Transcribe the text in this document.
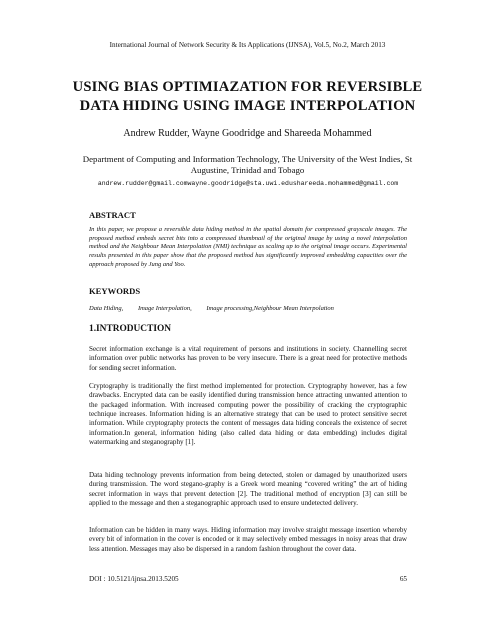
International Journal of Network Security & Its Applications (IJNSA), Vol.5, No.2, March 2013
USING BIAS OPTIMIAZATION FOR REVERSIBLE
DATA HIDING USING IMAGE INTERPOLATION
Andrew Rudder, Wayne Goodridge and Shareeda Mohammed
Department of Computing and Information Technology, The University of the West Indies, St Augustine, Trinidad and Tobago
andrew.rudder@gmail.comwayne.goodridge@sta.uwi.edushareeda.mohammed@gmail.com
ABSTRACT
In this paper, we propose a reversible data hiding method in the spatial domain for compressed grayscale images. The proposed method embeds secret bits into a compressed thumbnail of the original image by using a novel interpolation method and the Neighbour Mean Interpolation (NMI) technique as scaling up to the original image occurs. Experimental results presented in this paper show that the proposed method has significantly improved embedding capacities over the approach proposed by Jung and Yoo.
KEYWORDS
Data Hiding, Image Interpolation, Image processing,Neighbour Mean Interpolation
1.INTRODUCTION
Secret information exchange is a vital requirement of persons and institutions in society. Channelling secret information over public networks has proven to be very insecure. There is a great need for protective methods for sending secret information.
Cryptography is traditionally the first method implemented for protection. Cryptography however, has a few drawbacks. Encrypted data can be easily identified during transmission hence attracting unwanted attention to the packaged information. With increased computing power the possibility of cracking the cryptographic technique increases. Information hiding is an alternative strategy that can be used to protect sensitive secret information. While cryptography protects the content of messages data hiding conceals the existence of secret information.In general, information hiding (also called data hiding or data embedding) includes digital watermarking and steganography [1].
Data hiding technology prevents information from being detected, stolen or damaged by unauthorized users during transmission. The word stegano-graphy is a Greek word meaning “covered writing” the art of hiding secret information in ways that prevent detection [2]. The traditional method of encryption [3] can still be applied to the message and then a steganographic approach used to ensure undetected delivery.
Information can be hidden in many ways. Hiding information may involve straight message insertion whereby every bit of information in the cover is encoded or it may selectively embed messages in noisy areas that draw less attention. Messages may also be dispersed in a random fashion throughout the cover data.
DOI : 10.5121/ijnsa.2013.5205	65
